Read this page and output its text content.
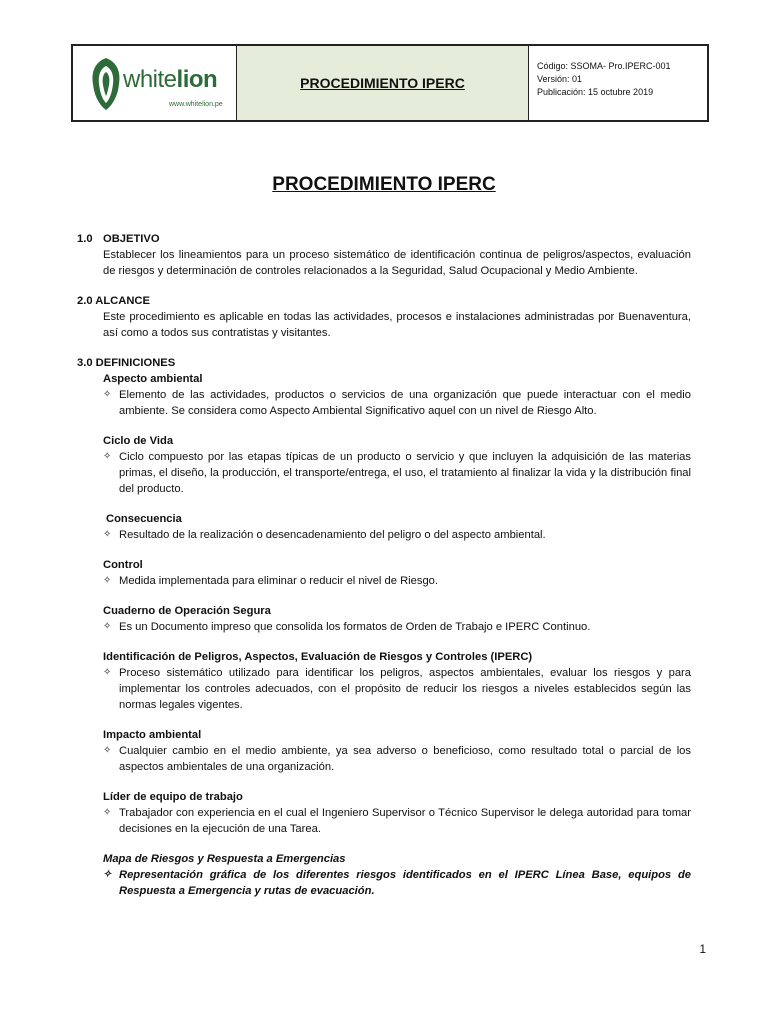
whitelion
www.whitelion.pe
PROCEDIMIENTO IPERC
Código: SSOMA- Pro.IPERC-001
Versión: 01
Publicación: 15 octubre 2019
PROCEDIMIENTO IPERC
1.0 OBJETIVO
Establecer los lineamientos para un proceso sistemático de identificación continua de peligros/aspectos, evaluación de riesgos y determinación de controles relacionados a la Seguridad, Salud Ocupacional y Medio Ambiente.
2.0 ALCANCE
Este procedimiento es aplicable en todas las actividades, procesos e instalaciones administradas por Buenaventura, así como a todos sus contratistas y visitantes.
3.0 DEFINICIONES
Aspecto ambiental
✧ Elemento de las actividades, productos o servicios de una organización que puede interactuar con el medio ambiente. Se considera como Aspecto Ambiental Significativo aquel con un nivel de Riesgo Alto.
Ciclo de Vida
✧ Ciclo compuesto por las etapas típicas de un producto o servicio y que incluyen la adquisición de las materias primas, el diseño, la producción, el transporte/entrega, el uso, el tratamiento al finalizar la vida y la distribución final del producto.
Consecuencia
✧ Resultado de la realización o desencadenamiento del peligro o del aspecto ambiental.
Control
✧ Medida implementada para eliminar o reducir el nivel de Riesgo.
Cuaderno de Operación Segura
✧ Es un Documento impreso que consolida los formatos de Orden de Trabajo e IPERC Continuo.
Identificación de Peligros, Aspectos, Evaluación de Riesgos y Controles (IPERC)
✧ Proceso sistemático utilizado para identificar los peligros, aspectos ambientales, evaluar los riesgos y para implementar los controles adecuados, con el propósito de reducir los riesgos a niveles establecidos según las normas legales vigentes.
Impacto ambiental
✧ Cualquier cambio en el medio ambiente, ya sea adverso o beneficioso, como resultado total o parcial de los aspectos ambientales de una organización.
Líder de equipo de trabajo
✧ Trabajador con experiencia en el cual el Ingeniero Supervisor o Técnico Supervisor le delega autoridad para tomar decisiones en la ejecución de una Tarea.
Mapa de Riesgos y Respuesta a Emergencias
✧ Representación gráfica de los diferentes riesgos identificados en el IPERC Línea Base, equipos de Respuesta a Emergencia y rutas de evacuación.
1
